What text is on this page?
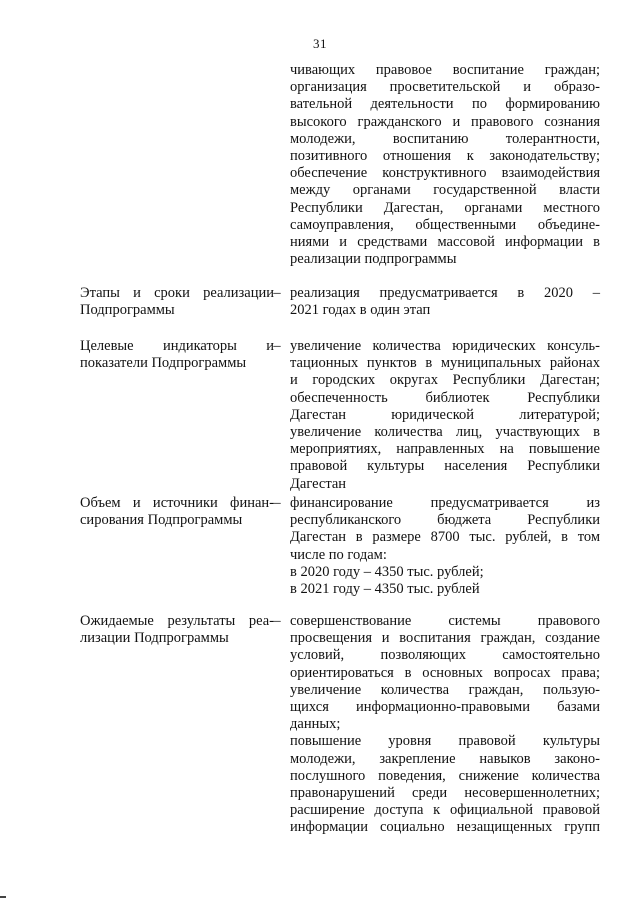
31
чивающих правовое воспитание граждан;
организация просветительской и образо-
вательной деятельности по формированию
высокого гражданского и правового сознания
молодежи, воспитанию толерантности,
позитивного отношения к законодательству;
обеспечение конструктивного взаимодействия
между органами государственной власти
Республики Дагестан, органами местного
самоуправления, общественными объедине-
ниями и средствами массовой информации в
реализации подпрограммы
Этапы и сроки реализации
Подпрограммы
– реализация предусматривается в 2020 –
2021 годах в один этап
Целевые индикаторы и
показатели Подпрограммы
– увеличение количества юридических консуль-
тационных пунктов в муниципальных районах
и городских округах Республики Дагестан;
обеспеченность библиотек Республики
Дагестан юридической литературой;
увеличение количества лиц, участвующих в
мероприятиях, направленных на повышение
правовой культуры населения Республики
Дагестан
Объем и источники финан-
сирования Подпрограммы
– финансирование предусматривается из
республиканского бюджета Республики
Дагестан в размере 8700 тыс. рублей, в том
числе по годам:
в 2020 году – 4350 тыс. рублей;
в 2021 году – 4350 тыс. рублей
Ожидаемые результаты реа-
лизации Подпрограммы
– совершенствование системы правового
просвещения и воспитания граждан, создание
условий, позволяющих самостоятельно
ориентироваться в основных вопросах права;
увеличение количества граждан, пользую-
щихся информационно-правовыми базами
данных;
повышение уровня правовой культуры
молодежи, закрепление навыков законо-
послушного поведения, снижение количества
правонарушений среди несовершеннолетних;
расширение доступа к официальной правовой
информации социально незащищенных групп
